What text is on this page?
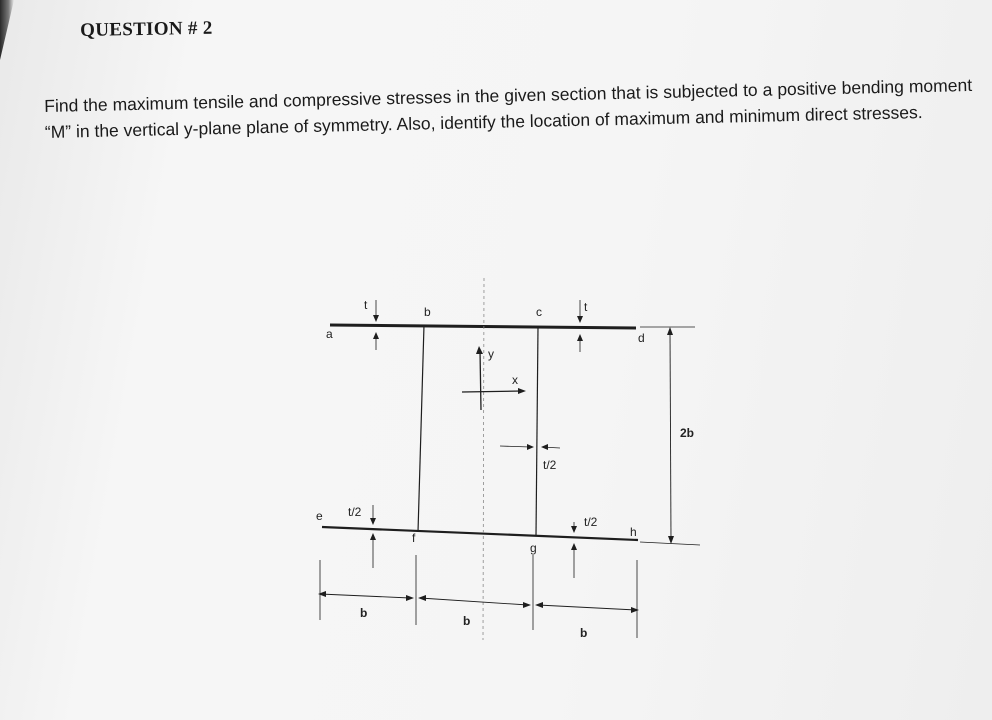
QUESTION # 2
Find the maximum tensile and compressive stresses in the given section that is subjected to a positive bending moment “M” in the vertical y-plane plane of symmetry. Also, identify the location of maximum and minimum direct stresses.
a
b	c
d
e
f
g
h
t	t
y
x
t/2
t/2
t/2
2b
b
b
b
